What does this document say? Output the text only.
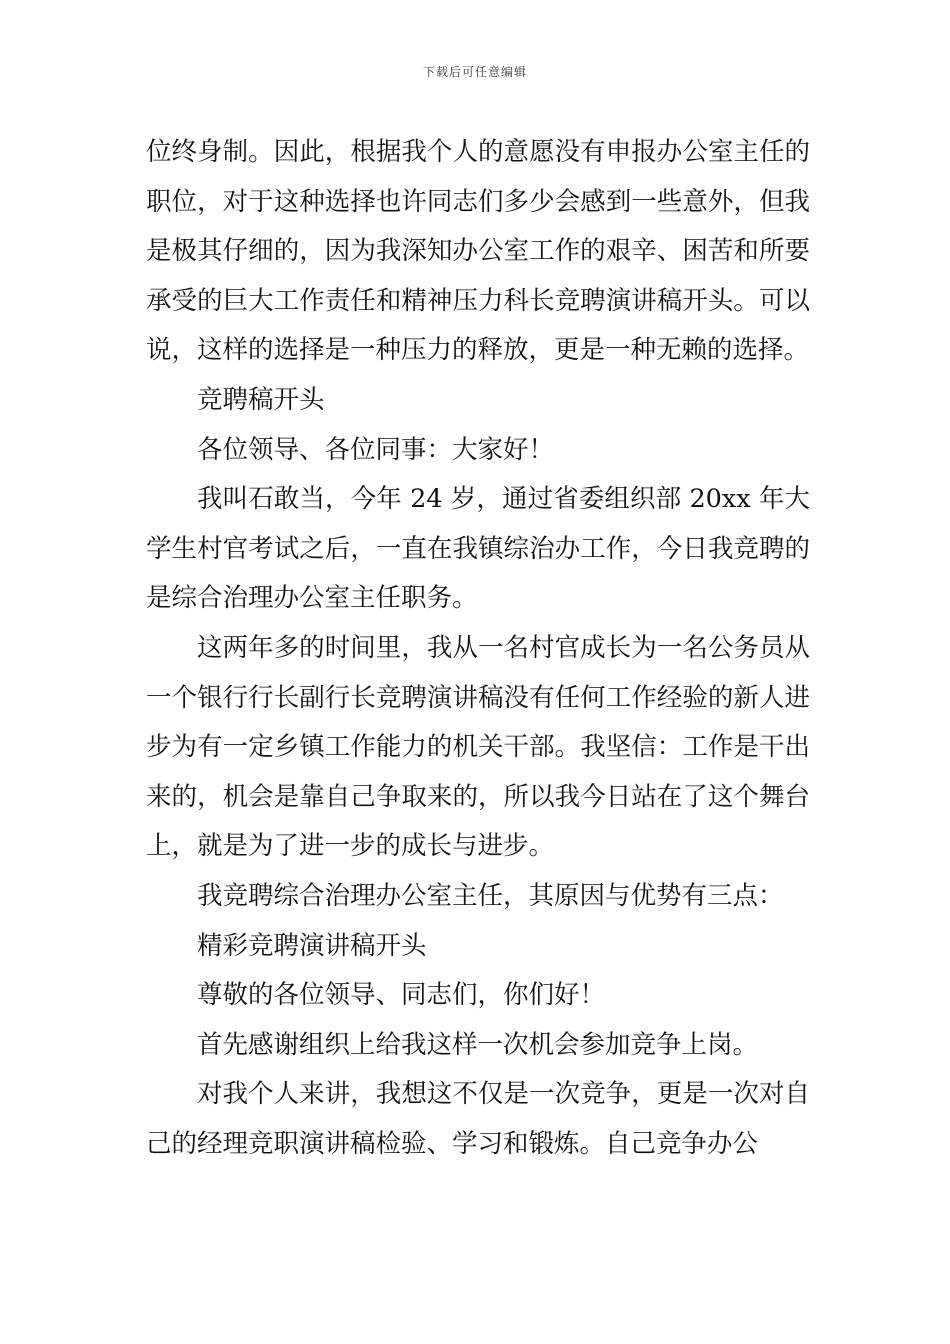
下载后可任意编辑

位终身制。因此，根据我个人的意愿没有申报办公室主任的职位，对于这种选择也许同志们多少会感到一些意外，但我是极其仔细的，因为我深知办公室工作的艰辛、困苦和所要承受的巨大工作责任和精神压力科长竞聘演讲稿开头。可以说，这样的选择是一种压力的释放，更是一种无赖的选择。

竞聘稿开头

各位领导、各位同事：大家好！

我叫石敢当，今年 24 岁，通过省委组织部 20xx 年大学生村官考试之后，一直在我镇综治办工作，今日我竞聘的是综合治理办公室主任职务。

这两年多的时间里，我从一名村官成长为一名公务员从一个银行行长副行长竞聘演讲稿没有任何工作经验的新人进步为有一定乡镇工作能力的机关干部。我坚信：工作是干出来的，机会是靠自己争取来的，所以我今日站在了这个舞台上，就是为了进一步的成长与进步。

我竞聘综合治理办公室主任，其原因与优势有三点：

精彩竞聘演讲稿开头

尊敬的各位领导、同志们，你们好！

首先感谢组织上给我这样一次机会参加竞争上岗。

对我个人来讲，我想这不仅是一次竞争，更是一次对自己的经理竞职演讲稿检验、学习和锻炼。自己竞争办公
